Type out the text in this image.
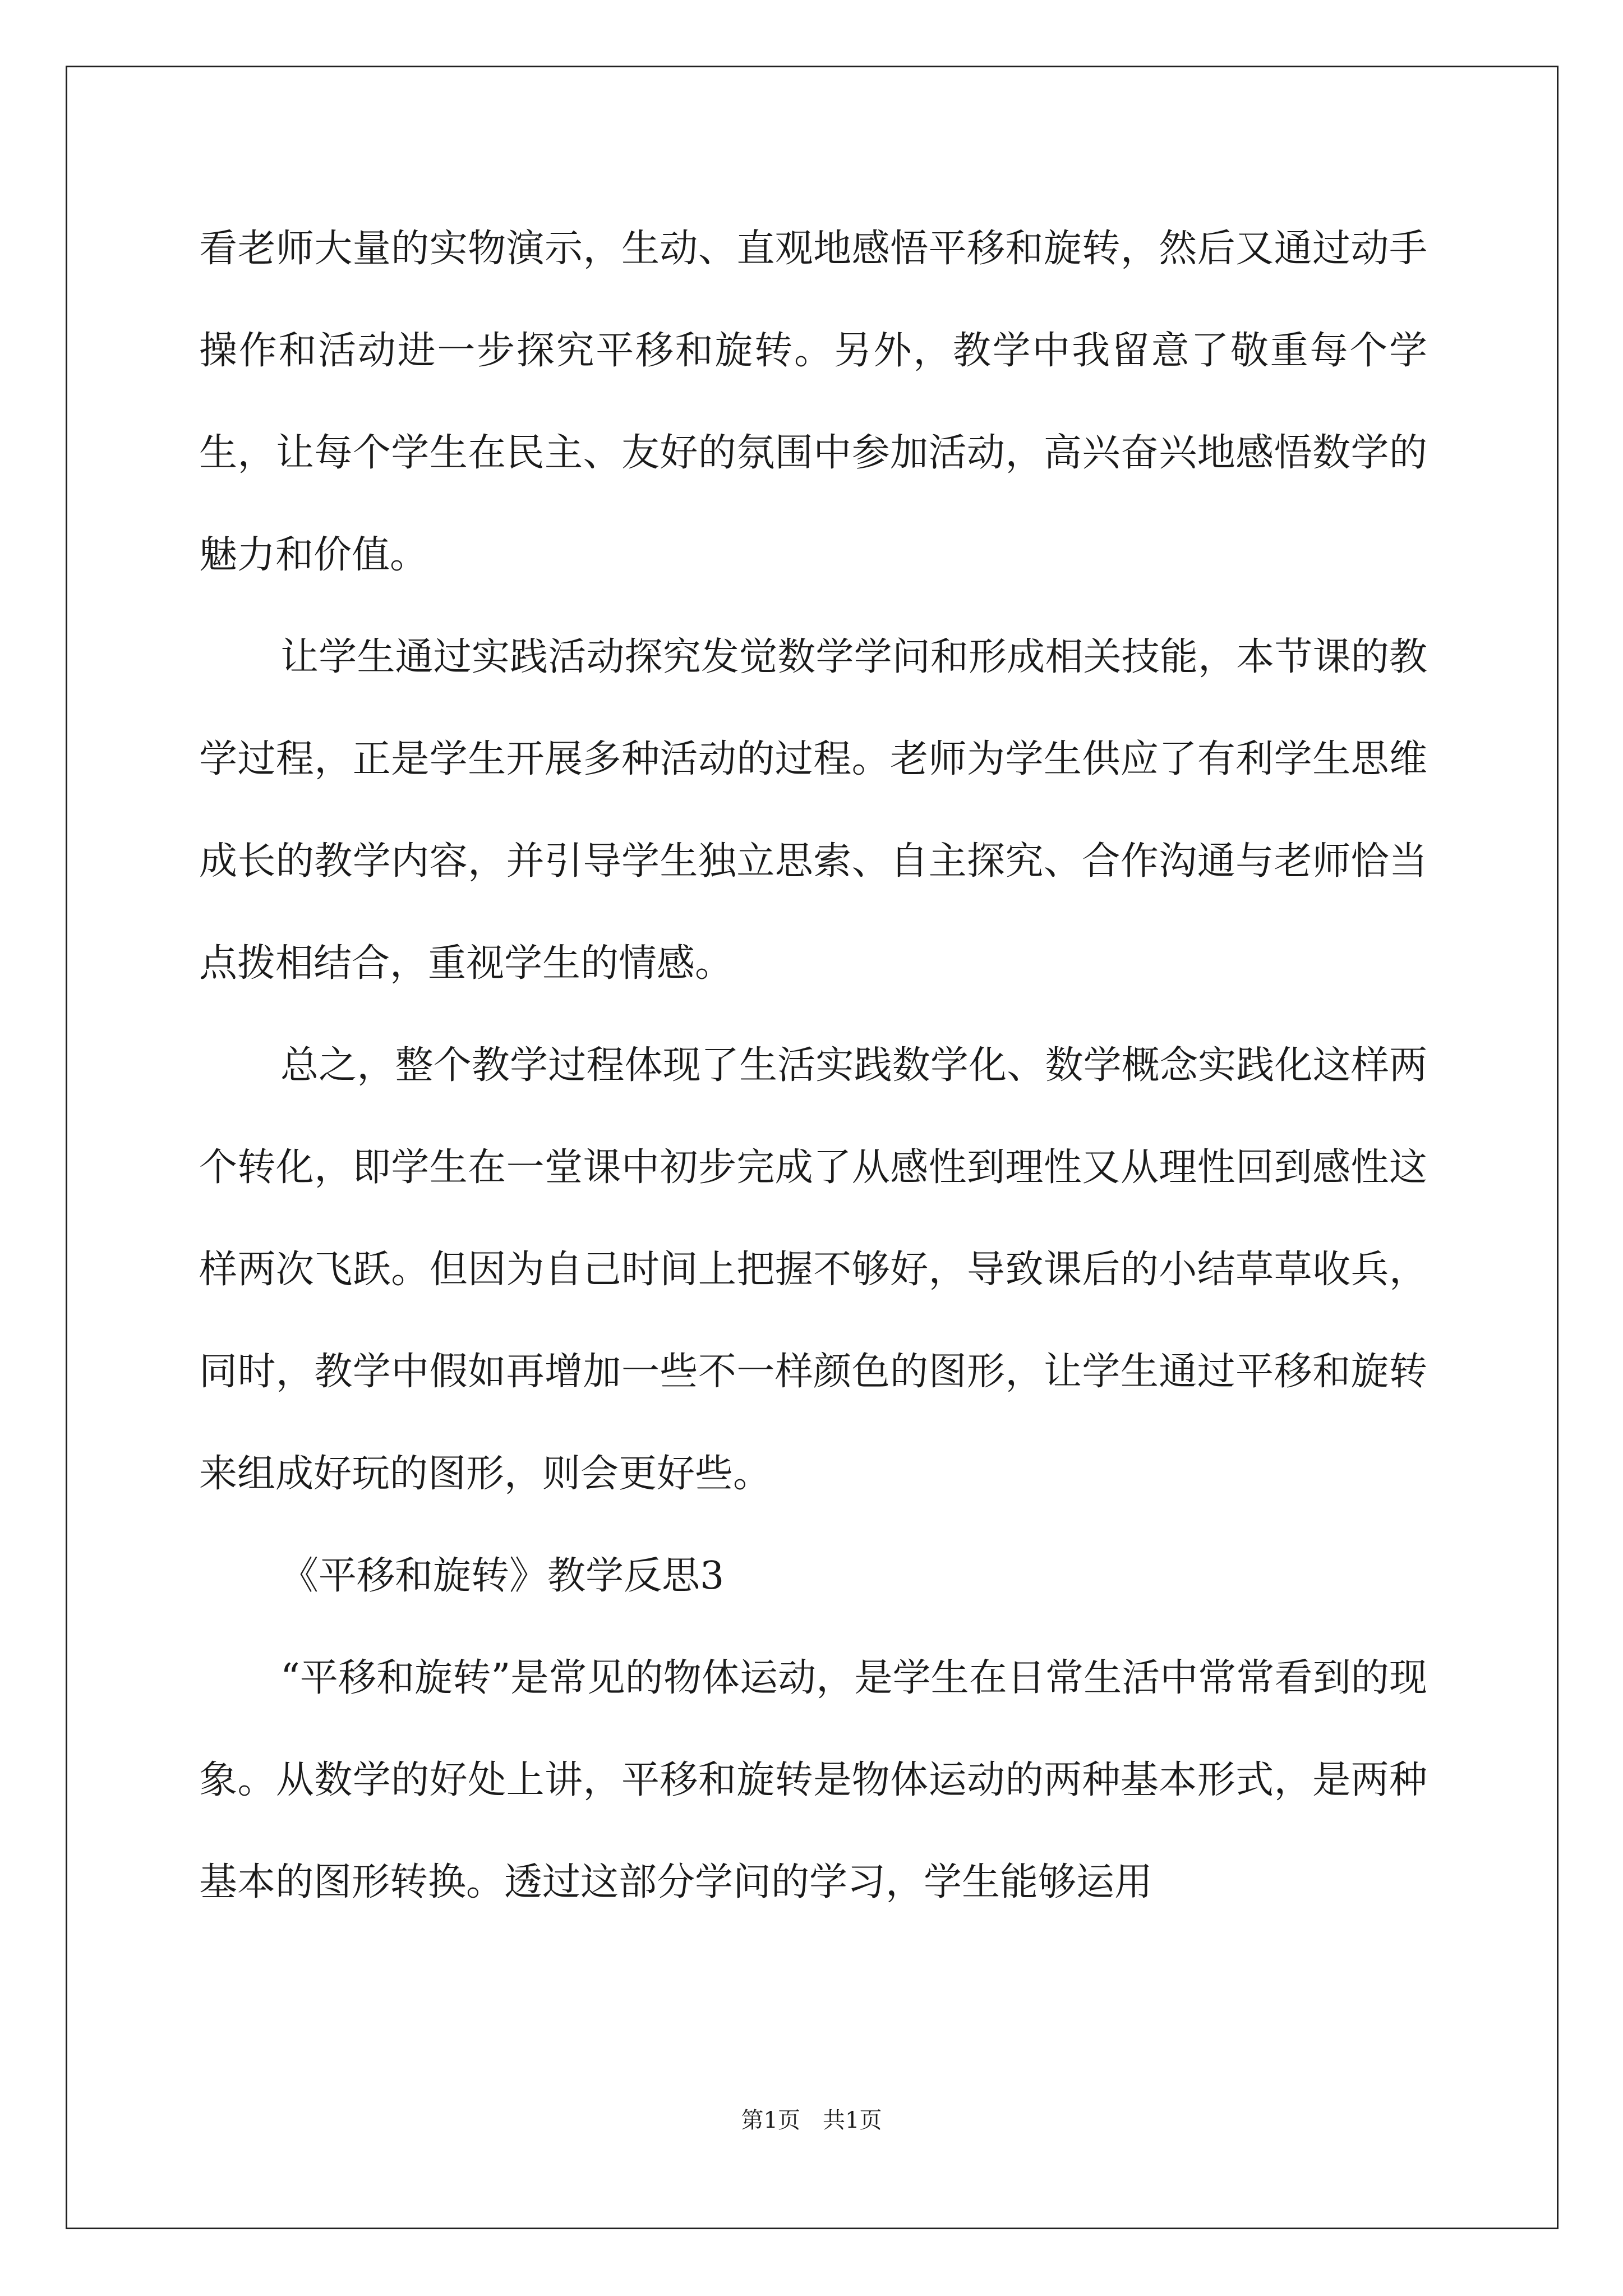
看老师大量的实物演示，生动、直观地感悟平移和旋转，然后又通过动手操作和活动进一步探究平移和旋转。另外，教学中我留意了敬重每个学生，让每个学生在民主、友好的氛围中参加活动，高兴奋兴地感悟数学的魅力和价值。

让学生通过实践活动探究发觉数学学问和形成相关技能，本节课的教学过程，正是学生开展多种活动的过程。老师为学生供应了有利学生思维成长的教学内容，并引导学生独立思索、自主探究、合作沟通与老师恰当点拨相结合，重视学生的情感。

总之，整个教学过程体现了生活实践数学化、数学概念实践化这样两个转化，即学生在一堂课中初步完成了从感性到理性又从理性回到感性这样两次飞跃。但因为自己时间上把握不够好，导致课后的小结草草收兵，同时，教学中假如再增加一些不一样颜色的图形，让学生通过平移和旋转来组成好玩的图形，则会更好些。

《平移和旋转》教学反思3

“平移和旋转”是常见的物体运动，是学生在日常生活中常常看到的现象。从数学的好处上讲，平移和旋转是物体运动的两种基本形式，是两种基本的图形转换。透过这部分学问的学习，学生能够运用

第1页　共1页
